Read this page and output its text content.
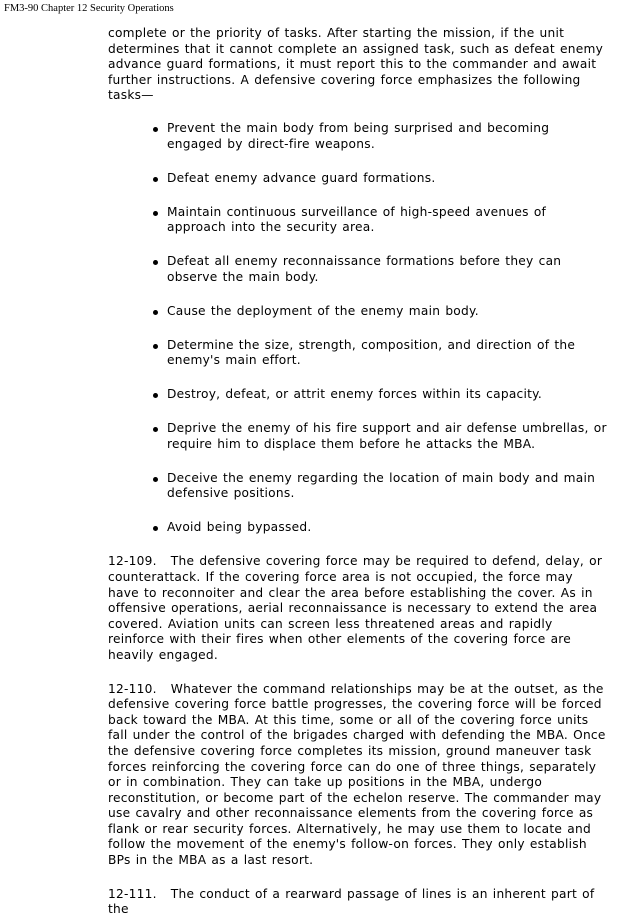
FM3-90 Chapter 12 Security Operations

complete or the priority of tasks. After starting the mission, if the unit determines that it cannot complete an assigned task, such as defeat enemy advance guard formations, it must report this to the commander and await further instructions. A defensive covering force emphasizes the following tasks—

Prevent the main body from being surprised and becoming engaged by direct-fire weapons.
Defeat enemy advance guard formations.
Maintain continuous surveillance of high-speed avenues of approach into the security area.
Defeat all enemy reconnaissance formations before they can observe the main body.
Cause the deployment of the enemy main body.
Determine the size, strength, composition, and direction of the enemy's main effort.
Destroy, defeat, or attrit enemy forces within its capacity.
Deprive the enemy of his fire support and air defense umbrellas, or require him to displace them before he attacks the MBA.
Deceive the enemy regarding the location of main body and main defensive positions.
Avoid being bypassed.

12-109. The defensive covering force may be required to defend, delay, or counterattack. If the covering force area is not occupied, the force may have to reconnoiter and clear the area before establishing the cover. As in offensive operations, aerial reconnaissance is necessary to extend the area covered. Aviation units can screen less threatened areas and rapidly reinforce with their fires when other elements of the covering force are heavily engaged.

12-110. Whatever the command relationships may be at the outset, as the defensive covering force battle progresses, the covering force will be forced back toward the MBA. At this time, some or all of the covering force units fall under the control of the brigades charged with defending the MBA. Once the defensive covering force completes its mission, ground maneuver task forces reinforcing the covering force can do one of three things, separately or in combination. They can take up positions in the MBA, undergo reconstitution, or become part of the echelon reserve. The commander may use cavalry and other reconnaissance elements from the covering force as flank or rear security forces. Alternatively, he may use them to locate and follow the movement of the enemy's follow-on forces. They only establish BPs in the MBA as a last resort.

12-111. The conduct of a rearward passage of lines is an inherent part of the
